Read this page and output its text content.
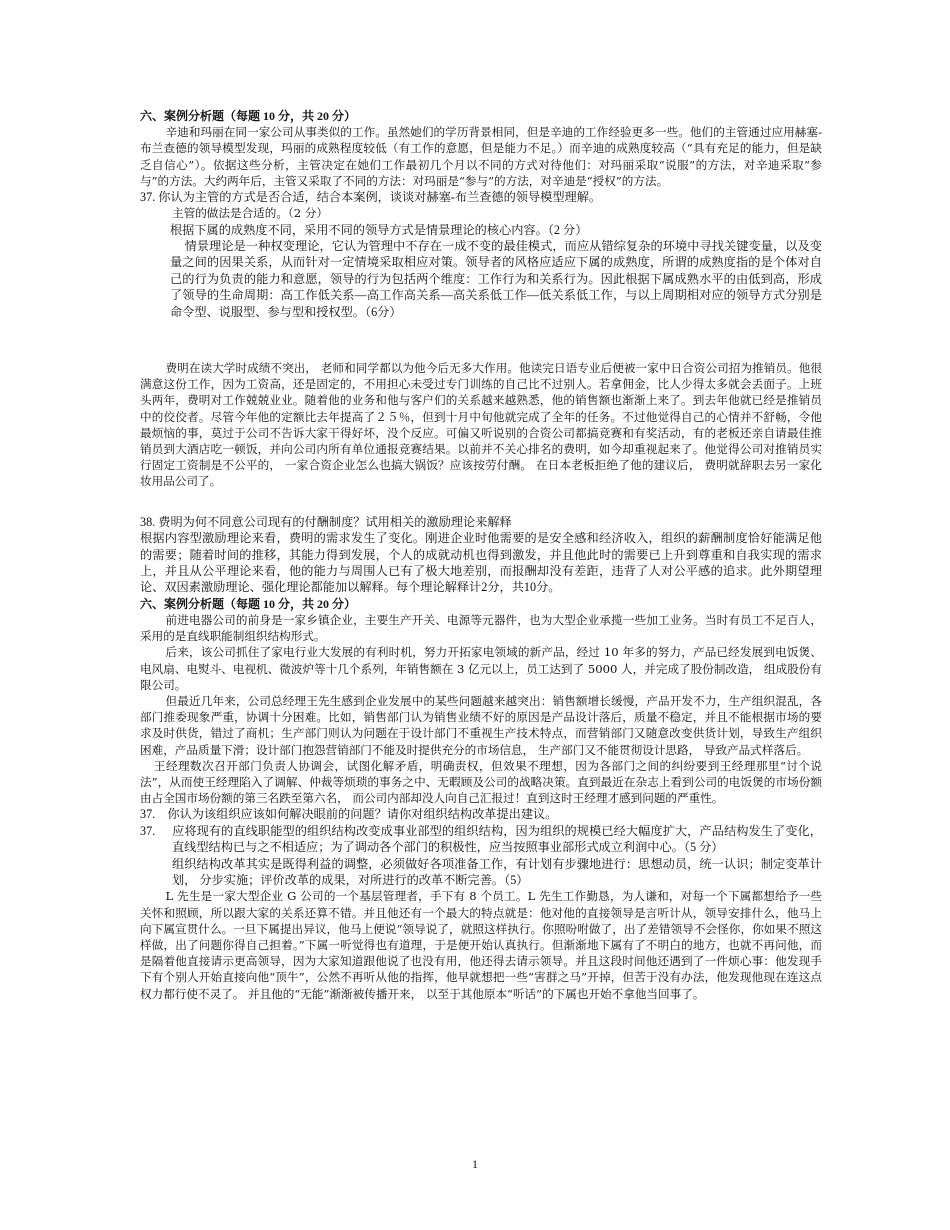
六、案例分析题（每题 10 分，共 20 分）

辛迪和玛丽在同一家公司从事类似的工作。虽然她们的学历背景相同，但是辛迪的工作经验更多一些。他们的主管通过应用赫塞-布兰查德的领导模型发现，玛丽的成熟程度较低（有工作的意愿，但是能力不足。）而辛迪的成熟度较高（“具有充足的能力，但是缺乏自信心”）。依据这些分析，主管决定在她们工作最初几个月以不同的方式对待他们：对玛丽采取“说服”的方法，对辛迪采取“参与”的方法。大约两年后，主管又采取了不同的方法：对玛丽是“参与”的方法，对辛迪是“授权”的方法。

37. 你认为主管的方式是否合适，结合本案例，谈谈对赫塞-布兰查德的领导模型理解。

主管的做法是合适的。（2 分）

根据下属的成熟度不同，采用不同的领导方式是情景理论的核心内容。（2 分）

情景理论是一种权变理论，它认为管理中不存在一成不变的最佳模式，而应从错综复杂的环境中寻找关键变量，以及变量之间的因果关系，从而针对一定情境采取相应对策。领导者的风格应适应下属的成熟度，所谓的成熟度指的是个体对自己的行为负责的能力和意愿，领导的行为包括两个维度：工作行为和关系行为。因此根据下属成熟水平的由低到高，形成了领导的生命周期：高工作低关系—高工作高关系—高关系低工作—低关系低工作，与以上周期相对应的领导方式分别是命令型、说服型、参与型和授权型。（6分）

费明在读大学时成绩不突出， 老师和同学都以为他今后无多大作用。他读完日语专业后便被一家中日合资公司招为推销员。他很满意这份工作，因为工资高，还是固定的，不用担心未受过专门训练的自己比不过别人。若拿佣金，比人少得太多就会丢面子。上班头两年，费明对工作兢兢业业。随着他的业务和他与客户们的关系越来越熟悉，他的销售额也渐渐上来了。到去年他就已经是推销员中的佼佼者。尽管今年他的定额比去年提高了２５％，但到十月中旬他就完成了全年的任务。不过他觉得自己的心情并不舒畅，令他最烦恼的事，莫过于公司不告诉大家干得好坏，没个反应。可偏又听说别的合资公司都搞竞赛和有奖活动，有的老板还亲自请最佳推销员到大酒店吃一顿饭，并向公司内所有单位通报竞赛结果。以前并不关心排名的费明，如今却重视起来了。他觉得公司对推销员实行固定工资制是不公平的， 一家合资企业怎么也搞大锅饭？应该按劳付酬。 在日本老板拒绝了他的建议后， 费明就辞职去另一家化妆用品公司了。

38. 费明为何不同意公司现有的付酬制度？试用相关的激励理论来解释

根据内容型激励理论来看，费明的需求发生了变化。刚进企业时他需要的是安全感和经济收入，组织的薪酬制度恰好能满足他的需要；随着时间的推移，其能力得到发展，个人的成就动机也得到激发，并且他此时的需要已上升到尊重和自我实现的需求上，并且从公平理论来看，他的能力与周围人已有了极大地差别，而报酬却没有差距，违背了人对公平感的追求。此外期望理论、双因素激励理论、强化理论都能加以解释。每个理论解释计2分，共10分。

六、案例分析题（每题 10 分，共 20 分）

前进电器公司的前身是一家乡镇企业，主要生产开关、电源等元器件，也为大型企业承揽一些加工业务。当时有员工不足百人， 采用的是直线职能制组织结构形式。

后来，该公司抓住了家电行业大发展的有利时机，努力开拓家电领域的新产品，经过 10 年多的努力，产品已经发展到电饭煲、电风扇、电熨斗、电视机、微波炉等十几个系列，年销售额在 3 亿元以上，员工达到了 5000 人，并完成了股份制改造， 组成股份有限公司。

但最近几年来，公司总经理王先生感到企业发展中的某些问题越来越突出：销售额增长缓慢，产品开发不力，生产组织混乱，各部门推委现象严重，协调十分困难。比如，销售部门认为销售业绩不好的原因是产品设计落后，质量不稳定，并且不能根据市场的要求及时供货，错过了商机；生产部门则认为问题在于设计部门不重视生产技术特点，而营销部门又随意改变供货计划，导致生产组织困难，产品质量下滑；设计部门抱怨营销部门不能及时提供充分的市场信息， 生产部门又不能贯彻设计思路， 导致产品式样落后。

王经理数次召开部门负责人协调会，试图化解矛盾，明确责权，但效果不理想，因为各部门之间的纠纷要到王经理那里“讨个说法”，从而使王经理陷入了调解、仲裁等烦琐的事务之中、无暇顾及公司的战略决策。直到最近在杂志上看到公司的电饭煲的市场份额由占全国市场份额的第三名跌至第六名， 而公司内部却没人向自己汇报过！直到这时王经理才感到问题的严重性。

37.　你认为该组织应该如何解决眼前的问题？请你对组织结构改革提出建议。

37. 应将现有的直线职能型的组织结构改变成事业部型的组织结构，因为组织的规模已经大幅度扩大，产品结构发生了变化，直线型结构已与之不相适应；为了调动各个部门的积极性，应当按照事业部形式成立利润中心。（5 分）

组织结构改革其实是既得利益的调整，必须做好各项准备工作，有计划有步骤地进行：思想动员，统一认识；制定变革计划， 分步实施；评价改革的成果，对所进行的改革不断完善。（5）

L 先生是一家大型企业 G 公司的一个基层管理者，手下有 8 个员工。L 先生工作勤恳，为人谦和，对每一个下属都想给予一些关怀和照顾，所以跟大家的关系还算不错。并且他还有一个最大的特点就是：他对他的直接领导是言听计从，领导安排什么，他马上向下属宣贯什么。一旦下属提出异议，他马上便说“领导说了，就照这样执行。你照吩咐做了，出了差错领导不会怪你，你如果不照这样做，出了问题你得自己担着。”下属一听觉得也有道理，于是便开始认真执行。但渐渐地下属有了不明白的地方，也就不再问他，而是隔着他直接请示更高领导，因为大家知道跟他说了也没有用，他还得去请示领导。并且这段时间他还遇到了一件烦心事：他发现手下有个别人开始直接向他“顶牛”，公然不再听从他的指挥，他早就想把一些“害群之马”开掉，但苦于没有办法，他发现他现在连这点权力都行使不灵了。 并且他的“无能”渐渐被传播开来， 以至于其他原本“听话”的下属也开始不拿他当回事了。

1
